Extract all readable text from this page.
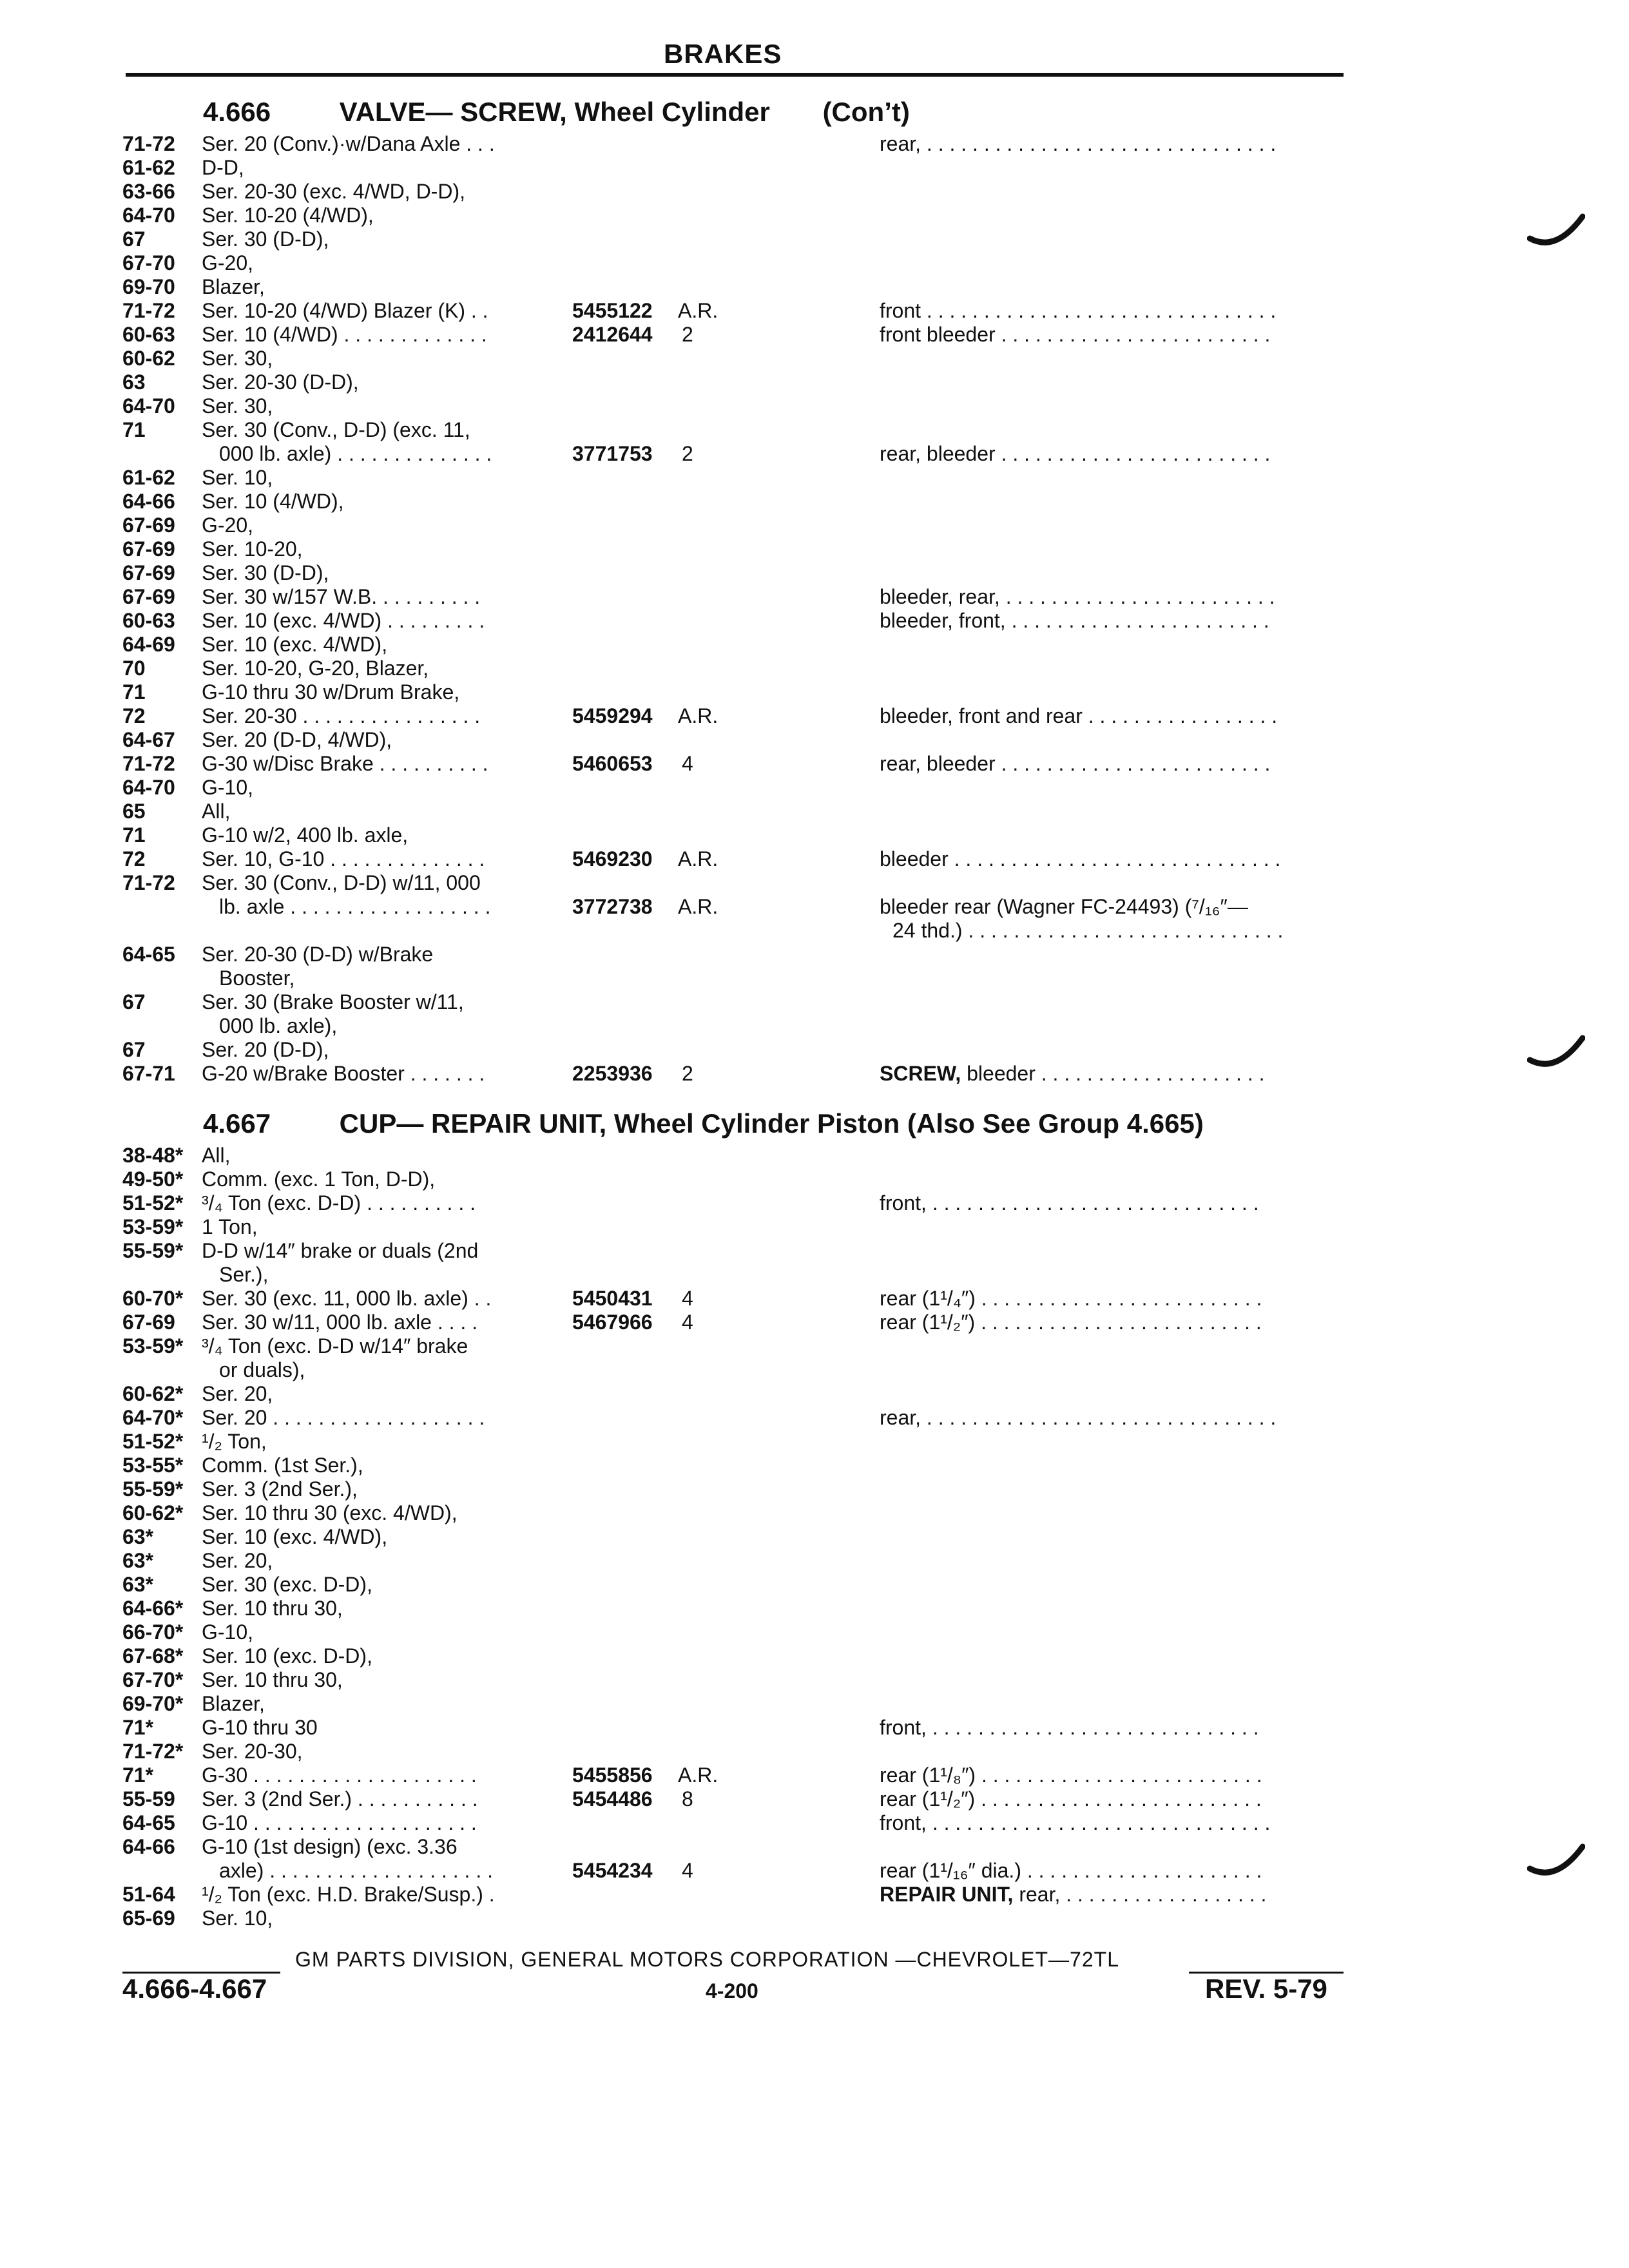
BRAKES
4.666	VALVE— SCREW, Wheel Cylinder (Con’t)
71-72 Ser. 20 (Conv.)·w/Dana Axle . . .	rear, . . . . . . . . . . . . . . . . . . . . . . . . . . . . . . .
61-62 D-D,
63-66 Ser. 20-30 (exc. 4/WD, D-D),
64-70 Ser. 10-20 (4/WD),
67	Ser. 30 (D-D),
67-70 G-20,
69-70 Blazer,
71-72 Ser. 10-20 (4/WD) Blazer (K) . .	5455122 A.R.	front . . . . . . . . . . . . . . . . . . . . . . . . . . . . . . .
60-63 Ser. 10 (4/WD) . . . . . . . . . . . . .	2412644 2	front bleeder . . . . . . . . . . . . . . . . . . . . . . . .
60-62 Ser. 30,
63	Ser. 20-30 (D-D),
64-70 Ser. 30,
71	Ser. 30 (Conv., D-D) (exc. 11,
000 lb. axle) . . . . . . . . . . . . . .	3771753 2	rear, bleeder . . . . . . . . . . . . . . . . . . . . . . . .
61-62 Ser. 10,
64-66 Ser. 10 (4/WD),
67-69 G-20,
67-69 Ser. 10-20,
67-69 Ser. 30 (D-D),
67-69 Ser. 30 w/157 W.B. . . . . . . . . .	bleeder, rear, . . . . . . . . . . . . . . . . . . . . . . . .
60-63 Ser. 10 (exc. 4/WD) . . . . . . . . .	bleeder, front, . . . . . . . . . . . . . . . . . . . . . . .
64-69 Ser. 10 (exc. 4/WD),
70	Ser. 10-20, G-20, Blazer,
71	G-10 thru 30 w/Drum Brake,
72	Ser. 20-30 . . . . . . . . . . . . . . . .	5459294 A.R.	bleeder, front and rear . . . . . . . . . . . . . . . . .
64-67 Ser. 20 (D-D, 4/WD),
71-72 G-30 w/Disc Brake . . . . . . . . . .	5460653 4	rear, bleeder . . . . . . . . . . . . . . . . . . . . . . . .
64-70 G-10,
65	All,
71	G-10 w/2, 400 lb. axle,
72	Ser. 10, G-10 . . . . . . . . . . . . . .	5469230 A.R.	bleeder . . . . . . . . . . . . . . . . . . . . . . . . . . . . .
71-72 Ser. 30 (Conv., D-D) w/11, 000
lb. axle . . . . . . . . . . . . . . . . . .	3772738 A.R.	bleeder rear (Wagner FC-24493) (⁷/₁₆″—
24 thd.) . . . . . . . . . . . . . . . . . . . . . . . . . . . .
64-65 Ser. 20-30 (D-D) w/Brake
Booster,
67	Ser. 30 (Brake Booster w/11,
000 lb. axle),
67	Ser. 20 (D-D),
67-71 G-20 w/Brake Booster . . . . . . .	2253936 2	SCREW, bleeder . . . . . . . . . . . . . . . . . . . .
4.667	CUP— REPAIR UNIT, Wheel Cylinder Piston (Also See Group 4.665)
38-48* All,
49-50* Comm. (exc. 1 Ton, D-D),
51-52* ³/₄ Ton (exc. D-D) . . . . . . . . . .	front, . . . . . . . . . . . . . . . . . . . . . . . . . . . . .
53-59* 1 Ton,
55-59* D-D w/14″ brake or duals (2nd
Ser.),
60-70* Ser. 30 (exc. 11, 000 lb. axle) . .	5450431 4	rear (1¹/₄″) . . . . . . . . . . . . . . . . . . . . . . . . .
67-69 Ser. 30 w/11, 000 lb. axle . . . .	5467966 4	rear (1¹/₂″) . . . . . . . . . . . . . . . . . . . . . . . . .
53-59* ³/₄ Ton (exc. D-D w/14″ brake
or duals),
60-62* Ser. 20,
64-70* Ser. 20 . . . . . . . . . . . . . . . . . . .	rear, . . . . . . . . . . . . . . . . . . . . . . . . . . . . . . .
51-52* ¹/₂ Ton,
53-55* Comm. (1st Ser.),
55-59* Ser. 3 (2nd Ser.),
60-62* Ser. 10 thru 30 (exc. 4/WD),
63* Ser. 10 (exc. 4/WD),
63* Ser. 20,
63* Ser. 30 (exc. D-D),
64-66* Ser. 10 thru 30,
66-70* G-10,
67-68* Ser. 10 (exc. D-D),
67-70* Ser. 10 thru 30,
69-70* Blazer,
71* G-10 thru 30	front, . . . . . . . . . . . . . . . . . . . . . . . . . . . . .
71-72* Ser. 20-30,
71* G-30 . . . . . . . . . . . . . . . . . . . .	5455856 A.R.	rear (1¹/₈″) . . . . . . . . . . . . . . . . . . . . . . . . .
55-59 Ser. 3 (2nd Ser.) . . . . . . . . . . .	5454486 8	rear (1¹/₂″) . . . . . . . . . . . . . . . . . . . . . . . . .
64-65 G-10 . . . . . . . . . . . . . . . . . . . .	front, . . . . . . . . . . . . . . . . . . . . . . . . . . . . . .
64-66 G-10 (1st design) (exc. 3.36
axle) . . . . . . . . . . . . . . . . . . . .	5454234 4	rear (1¹/₁₆″ dia.) . . . . . . . . . . . . . . . . . . . . .
51-64 ¹/₂ Ton (exc. H.D. Brake/Susp.) .	REPAIR UNIT, rear, . . . . . . . . . . . . . . . . . .
65-69 Ser. 10,
GM PARTS DIVISION, GENERAL MOTORS CORPORATION —CHEVROLET—72TL
4.666-4.667	4-200	REV. 5-79
